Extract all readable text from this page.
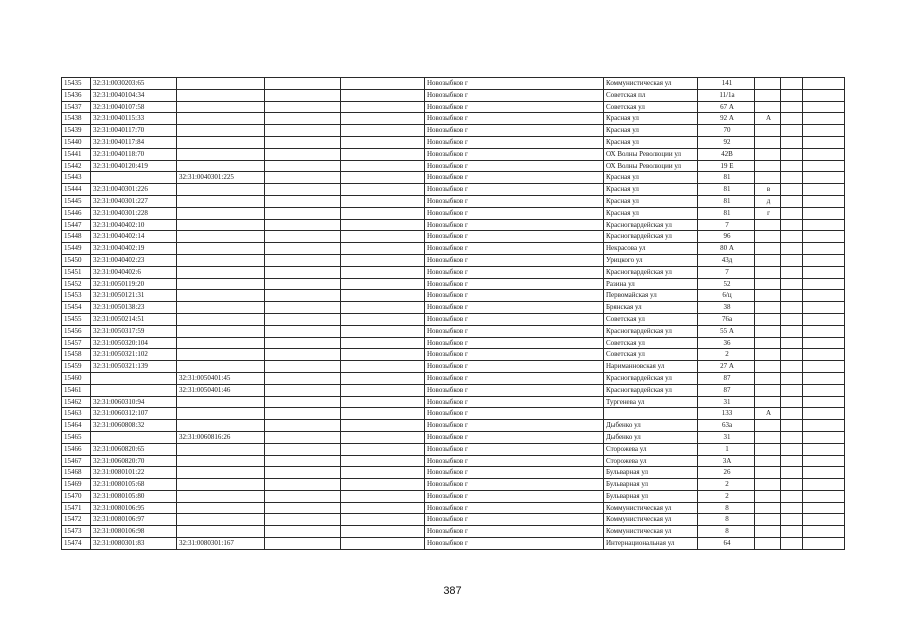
15435	32:31:0030203:65				Новозыбков г	Коммунистическая ул	141			
15436	32:31:0040104:34				Новозыбков г	Советская пл	11/1а			
15437	32:31:0040107:58				Новозыбков г	Советская ул	67 А			
15438	32:31:0040115:33				Новозыбков г	Красная ул	92 А	А		
15439	32:31:0040117:70				Новозыбков г	Красная ул	70			
15440	32:31:0040117:84				Новозыбков г	Красная ул	92			
15441	32:31:0040118:70				Новозыбков г	ОХ Волны Революции ул	42В			
15442	32:31:0040120:419				Новозыбков г	ОХ Волны Революции ул	19 Е			
15443		32:31:0040301:225			Новозыбков г	Красная ул	81			
15444	32:31:0040301:226				Новозыбков г	Красная ул	81	в		
15445	32:31:0040301:227				Новозыбков г	Красная ул	81	д		
15446	32:31:0040301:228				Новозыбков г	Красная ул	81	г		
15447	32:31:0040402:10				Новозыбков г	Красногвардейская ул	7			
15448	32:31:0040402:14				Новозыбков г	Красногвардейская ул	96			
15449	32:31:0040402:19				Новозыбков г	Некрасова ул	80 А			
15450	32:31:0040402:23				Новозыбков г	Урицкого ул	43д			
15451	32:31:0040402:6				Новозыбков г	Красногвардейская ул	7			
15452	32:31:0050119:20				Новозыбков г	Разина ул	52			
15453	32:31:0050121:31				Новозыбков г	Первомайская ул	6/ц			
15454	32:31:0050138:23				Новозыбков г	Брянская ул	38			
15455	32:31:0050214:51				Новозыбков г	Советская ул	76а			
15456	32:31:0050317:59				Новозыбков г	Красногвардейская ул	55 А			
15457	32:31:0050320:104				Новозыбков г	Советская ул	36			
15458	32:31:0050321:102				Новозыбков г	Советская ул	2			
15459	32:31:0050321:139				Новозыбков г	Нариманновская ул	27 А			
15460		32:31:0050401:45			Новозыбков г	Красногвардейская ул	87			
15461		32:31:0050401:46			Новозыбков г	Красногвардейская ул	87			
15462	32:31:0060310:94				Новозыбков г	Тургенева ул	31			
15463	32:31:0060312:107				Новозыбков г		133	А		
15464	32:31:0060808:32				Новозыбков г	Дыбенко ул	63а			
15465		32:31:0060816:26			Новозыбков г	Дыбенко ул	31			
15466	32:31:0060820:65				Новозыбков г	Сторожева ул	1			
15467	32:31:0060820:70				Новозыбков г	Сторожева ул	3А			
15468	32:31:0080101:22				Новозыбков г	Бульварная ул	26			
15469	32:31:0080105:68				Новозыбков г	Бульварная ул	2			
15470	32:31:0080105:80				Новозыбков г	Бульварная ул	2			
15471	32:31:0080106:95				Новозыбков г	Коммунистическая ул	8			
15472	32:31:0080106:97				Новозыбков г	Коммунистическая ул	8			
15473	32:31:0080106:98				Новозыбков г	Коммунистическая ул	8			
15474	32:31:0080301:83	32:31:0080301:167			Новозыбков г	Интернациональная ул	64			
387
